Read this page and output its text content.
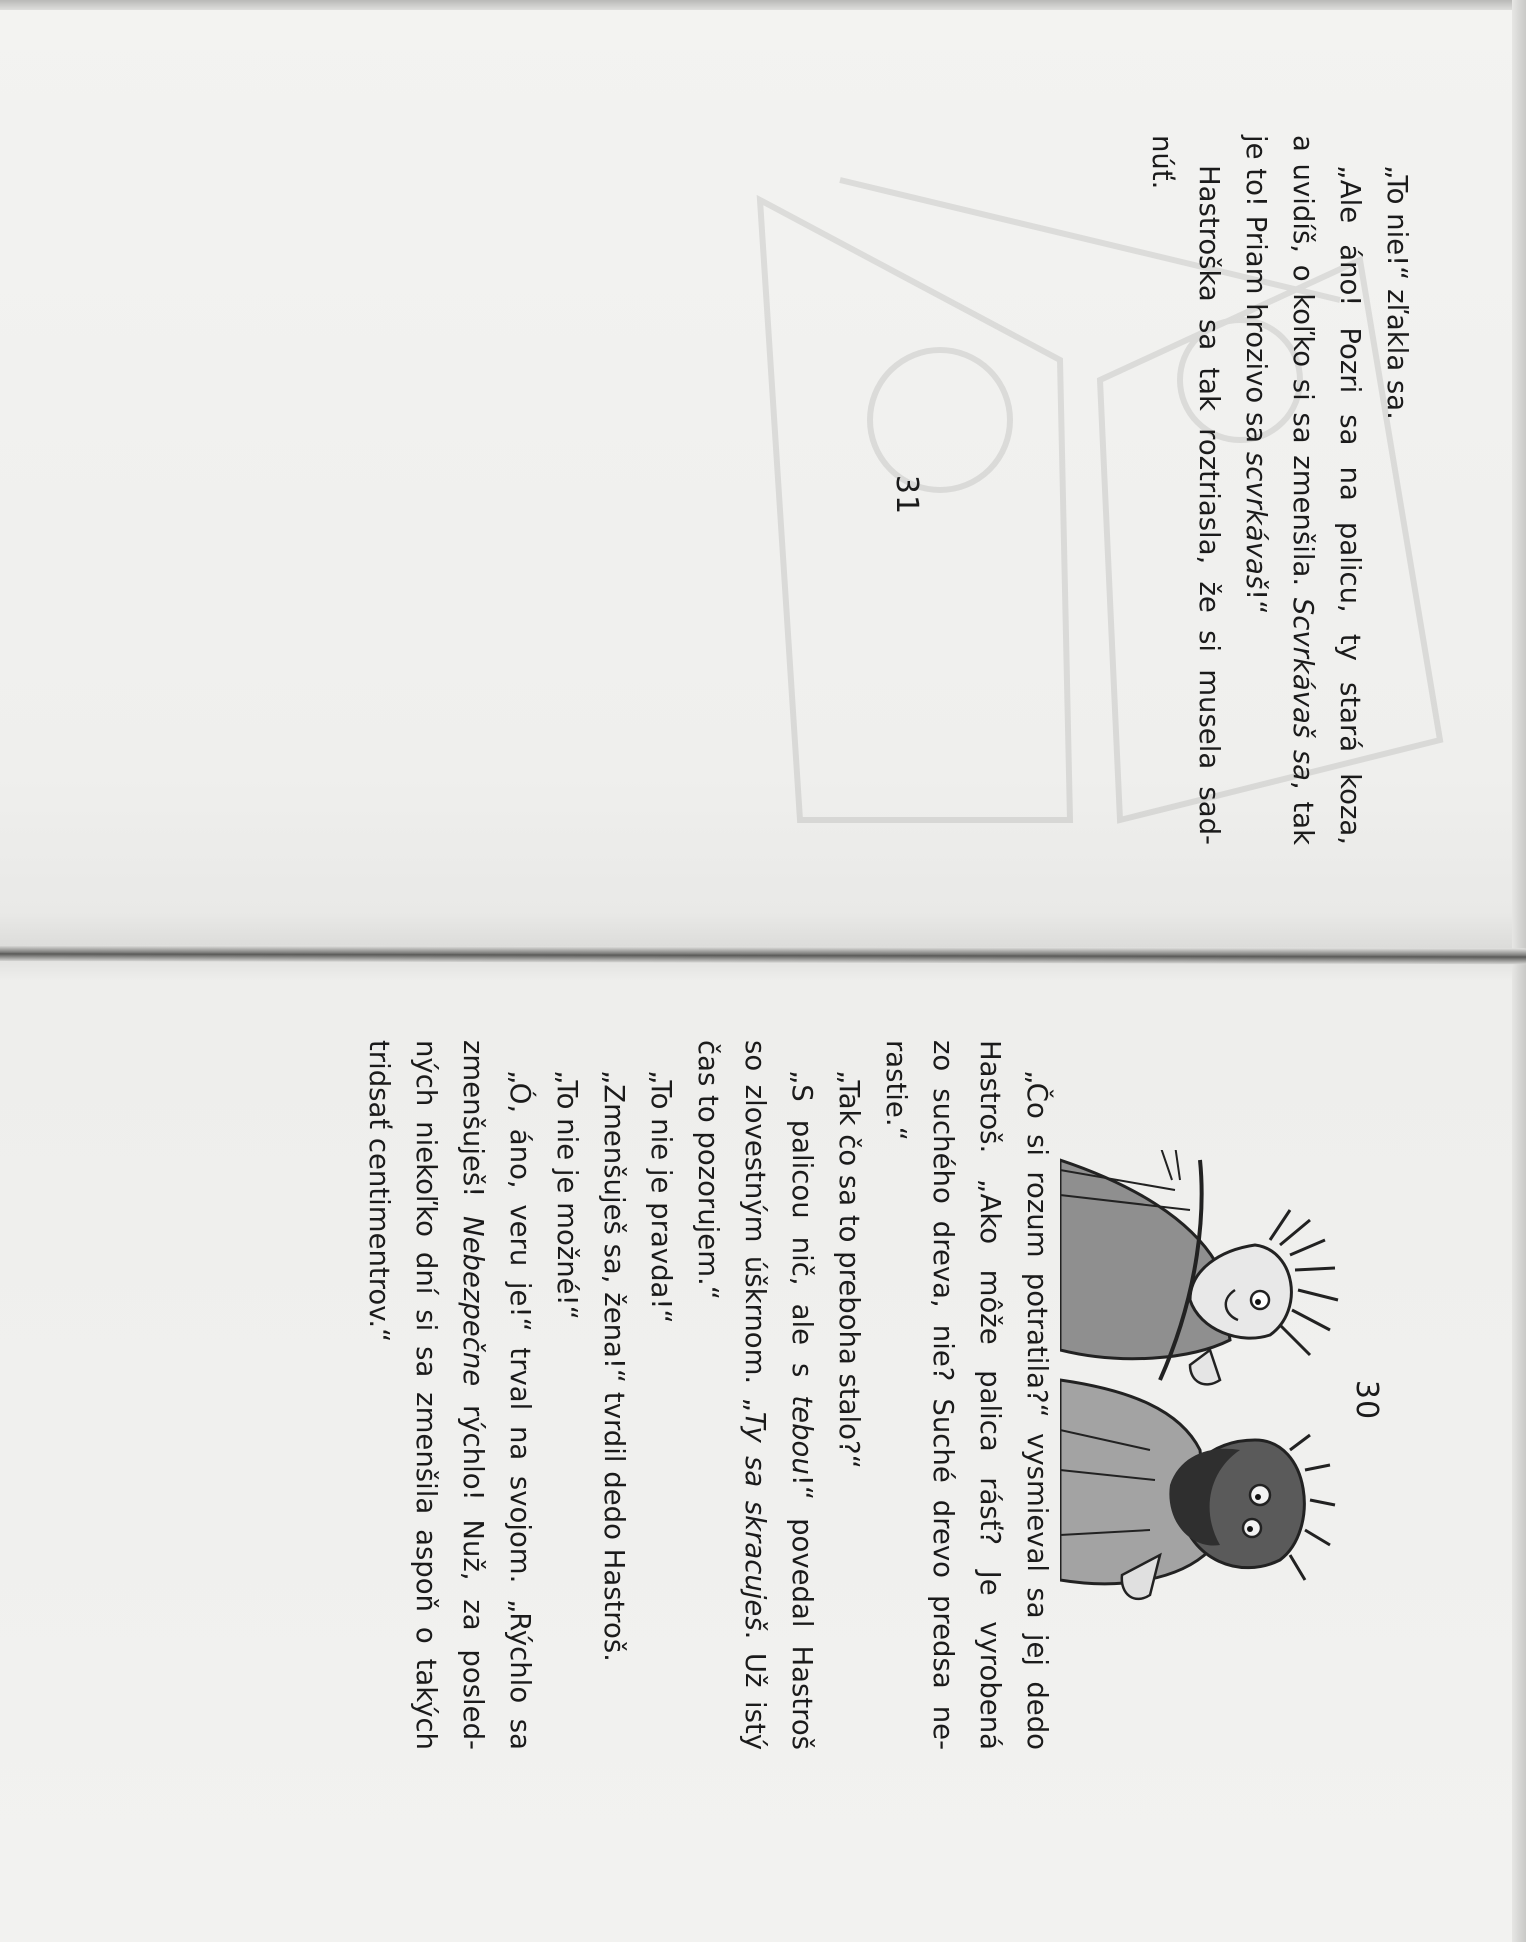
„To nie!“ zľakla sa.

„Ale áno! Pozri sa na palicu, ty stará koza,

a uvidíš, o koľko si sa zmenšila. Scvrkávaš sa, tak

je to! Priam hrozivo sa scvrkávaš!“

Hastroška sa tak roztriasla, že si musela sad-

núť.

31

„Čo si rozum potratila?“ vysmieval sa jej dedo

Hastroš. „Ako môže palica rásť? Je vyrobená

zo suchého dreva, nie? Suché drevo predsa ne-

rastie.“

„Tak čo sa to preboha stalo?“

„S palicou nič, ale s tebou!“ povedal Hastroš

so zlovestným úškrnom. „Ty sa skracuješ. Už istý

čas to pozorujem.“

„To nie je pravda!“

„Zmenšuješ sa, žena!“ tvrdil dedo Hastroš.

„To nie je možné!“

„Ó, áno, veru je!“ trval na svojom. „Rýchlo sa

zmenšuješ! Nebezpečne rýchlo! Nuž, za posled-

ných niekoľko dní si sa zmenšila aspoň o takých

tridsať centimentrov.“

30
